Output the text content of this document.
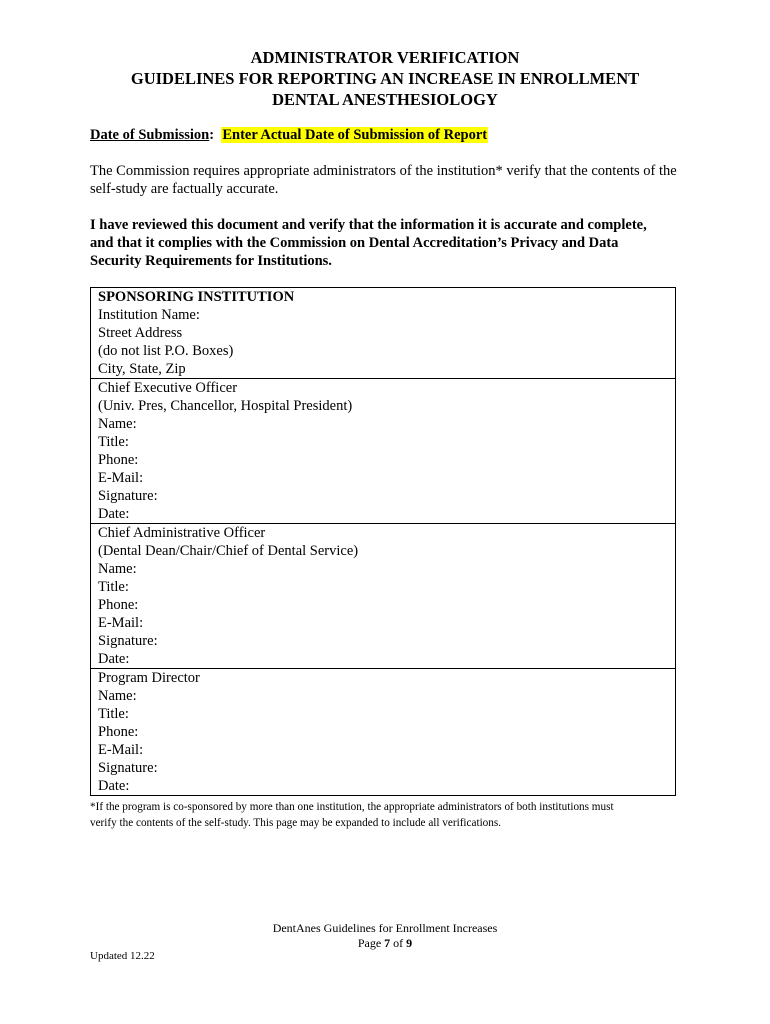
ADMINISTRATOR VERIFICATION
GUIDELINES FOR REPORTING AN INCREASE IN ENROLLMENT
DENTAL ANESTHESIOLOGY
Date of Submission: Enter Actual Date of Submission of Report
The Commission requires appropriate administrators of the institution* verify that the contents of the self-study are factually accurate.
I have reviewed this document and verify that the information it is accurate and complete,
and that it complies with the Commission on Dental Accreditation’s Privacy and Data
Security Requirements for Institutions.
SPONSORING INSTITUTION
Institution Name:
Street Address
(do not list P.O. Boxes)
City, State, Zip
Chief Executive Officer
(Univ. Pres, Chancellor, Hospital President)
Name:
Title:
Phone:
E-Mail:
Signature:
Date:
Chief Administrative Officer
(Dental Dean/Chair/Chief of Dental Service)
Name:
Title:
Phone:
E-Mail:
Signature:
Date:
Program Director
Name:
Title:
Phone:
E-Mail:
Signature:
Date:
*If the program is co-sponsored by more than one institution, the appropriate administrators of both institutions must
verify the contents of the self-study. This page may be expanded to include all verifications.
DentAnes Guidelines for Enrollment Increases
Page 7 of 9
Updated 12.22
